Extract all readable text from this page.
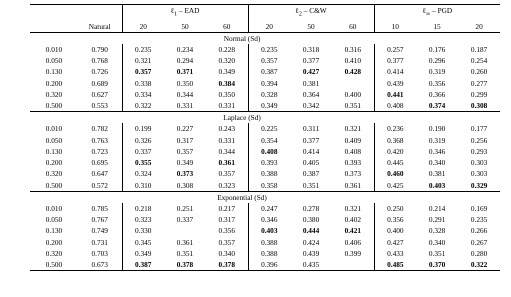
	Natural	ℓ$_1$ – EAD			ℓ$_2$ – C&W			ℓ$_\infty$ – PGD		
		20	50	60	20	50	60	10	15	20
Normal (Sd)										
0.010	0.790	0.235	0.234	0.228	0.235	0.318	0.316	0.257	0.176	0.187
0.050	0.768	0.321	0.294	0.320	0.357	0.377	0.410	0.377	0.296	0.254
0.130	0.726	0.357	0.371	0.349	0.387	0.427	0.428	0.414	0.319	0.260
0.200	0.689	0.338	0.350	0.384	0.394	0.381		0.439	0.356	0.277
0.320	0.627	0.334	0.344	0.350	0.328	0.364	0.400	0.441	0.366	0.299
0.500	0.553	0.322	0.331	0.331	0.349	0.342	0.351	0.408	0.374	0.308
Laplace (Sd)										
0.010	0.782	0.199	0.227	0.243	0.225	0.311	0.321	0.236	0.190	0.177
0.050	0.763	0.326	0.317	0.331	0.354	0.377	0.409	0.368	0.319	0.256
0.130	0.723	0.337	0.357	0.344	0.408	0.414	0.408	0.420	0.346	0.293
0.200	0.695	0.355	0.349	0.361	0.393	0.405	0.393	0.445	0.340	0.303
0.320	0.647	0.324	0.373	0.357	0.388	0.387	0.373	0.460	0.381	0.303
0.500	0.572	0.310	0.308	0.323	0.358	0.351	0.361	0.425	0.403	0.329
Exponential (Sd)										
0.010	0.785	0.218	0.251	0.217	0.247	0.278	0.321	0.250	0.214	0.169
0.050	0.767	0.323	0.337	0.317	0.346	0.380	0.402	0.356	0.291	0.235
0.130	0.749	0.330		0.356	0.403	0.444	0.421	0.400	0.328	0.266
0.200	0.731	0.345	0.361	0.357	0.388	0.424	0.406	0.427	0.340	0.267
0.320	0.703	0.349	0.351	0.340	0.388	0.439	0.399	0.433	0.351	0.280
0.500	0.673	0.387	0.378	0.378	0.396	0.435		0.485	0.370	0.322
